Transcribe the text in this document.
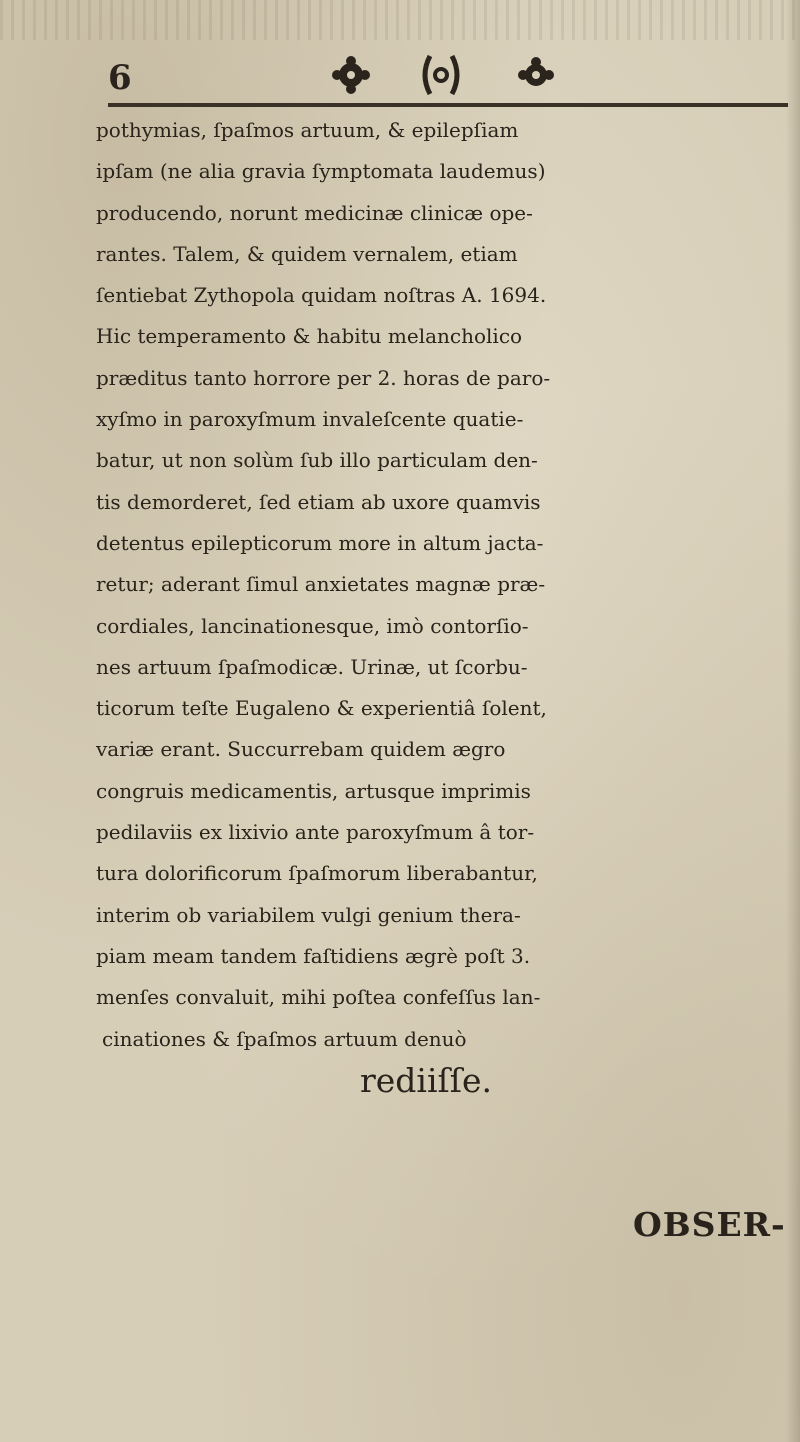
6
pothymias, ſpaſmos artuum, & epilepſiam
ipſam (ne alia gravia ſymptomata laudemus)
producendo, norunt medicinæ clinicæ ope-
rantes. Talem, & quidem vernalem, etiam
ſentiebat Zythopola quidam noſtras A. 1694.
Hic temperamento & habitu melancholico
præditus tanto horrore per 2. horas de paro-
xyſmo in paroxyſmum invaleſcente quatie-
batur, ut non solùm ſub illo particulam den-
tis demorderet, ſed etiam ab uxore quamvis
detentus epilepticorum more in altum jacta-
retur; aderant ſimul anxietates magnæ præ-
cordiales, lancinationesque, imò contorſio-
nes artuum ſpaſmodicæ. Urinæ, ut ſcorbu-
ticorum teſte Eugaleno & experientiâ ſolent,
variæ erant. Succurrebam quidem ægro
congruis medicamentis, artusque imprimis
pedilaviis ex lixivio ante paroxyſmum â tor-
tura dolorificorum ſpaſmorum liberabantur,
interim ob variabilem vulgi genium thera-
piam meam tandem faſtidiens ægrè poſt 3.
menſes convaluit, mihi poſtea confeſſus lan-
cinationes & ſpaſmos artuum denuò
rediiſſe.
OBSER-
